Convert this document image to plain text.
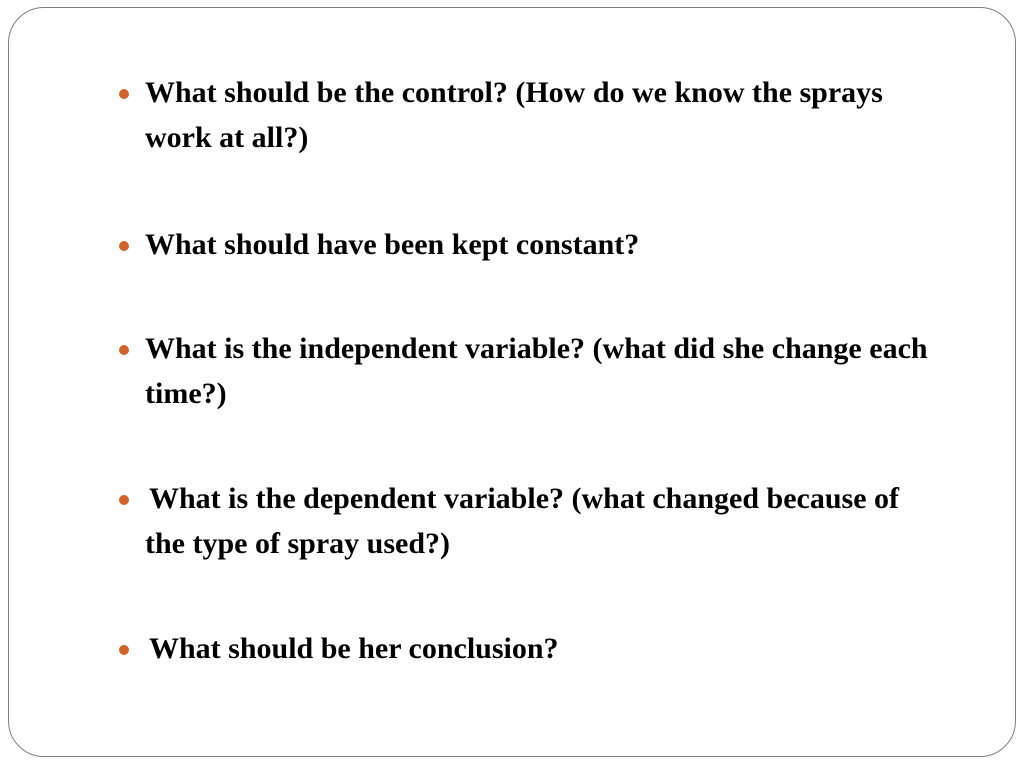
What should be the control? (How do we know the sprays work at all?)
What should have been kept constant?
What is the independent variable? (what did she change each time?)
What is the dependent variable? (what changed because of the type of spray used?)
What should be her conclusion?
